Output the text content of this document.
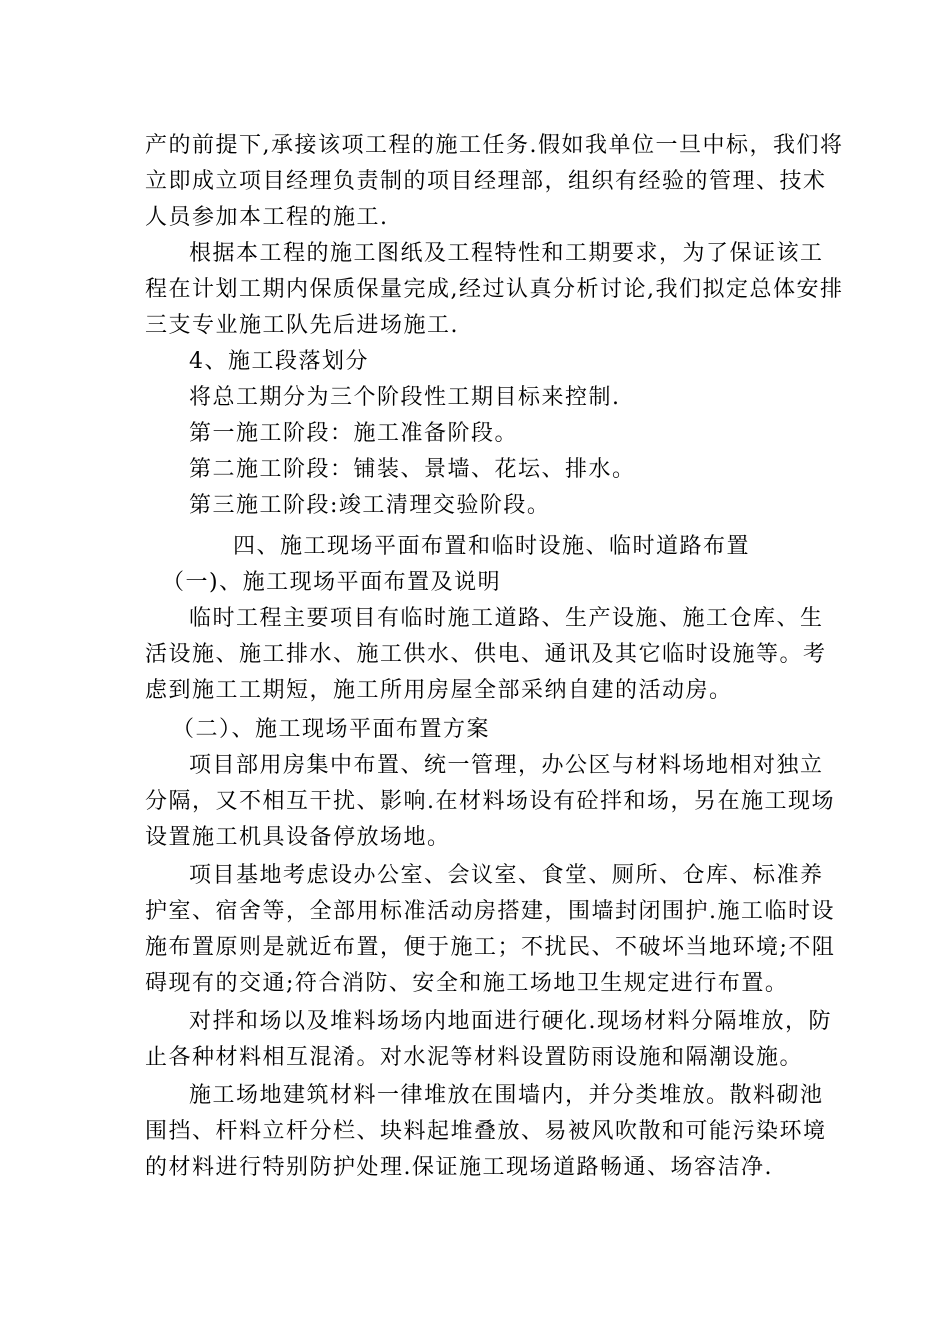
产的前提下,承接该项工程的施工任务.假如我单位一旦中标，我们将
立即成立项目经理负责制的项目经理部，组织有经验的管理、技术
人员参加本工程的施工.
根据本工程的施工图纸及工程特性和工期要求，为了保证该工
程在计划工期内保质保量完成,经过认真分析讨论,我们拟定总体安排
三支专业施工队先后进场施工.
4、施工段落划分
将总工期分为三个阶段性工期目标来控制.
第一施工阶段：施工准备阶段。
第二施工阶段：铺装、景墙、花坛、排水。
第三施工阶段:竣工清理交验阶段。
四、施工现场平面布置和临时设施、临时道路布置
（一)、施工现场平面布置及说明
临时工程主要项目有临时施工道路、生产设施、施工仓库、生
活设施、施工排水、施工供水、供电、通讯及其它临时设施等。考
虑到施工工期短，施工所用房屋全部采纳自建的活动房。
（二）、施工现场平面布置方案
项目部用房集中布置、统一管理，办公区与材料场地相对独立
分隔，又不相互干扰、影响.在材料场设有砼拌和场，另在施工现场
设置施工机具设备停放场地。
项目基地考虑设办公室、会议室、食堂、厕所、仓库、标准养
护室、宿舍等，全部用标准活动房搭建，围墙封闭围护.施工临时设
施布置原则是就近布置，便于施工；不扰民、不破坏当地环境;不阻
碍现有的交通;符合消防、安全和施工场地卫生规定进行布置。
对拌和场以及堆料场场内地面进行硬化.现场材料分隔堆放，防
止各种材料相互混淆。对水泥等材料设置防雨设施和隔潮设施。
施工场地建筑材料一律堆放在围墙内，并分类堆放。散料砌池
围挡、杆料立杆分栏、块料起堆叠放、易被风吹散和可能污染环境
的材料进行特别防护处理.保证施工现场道路畅通、场容洁净.
